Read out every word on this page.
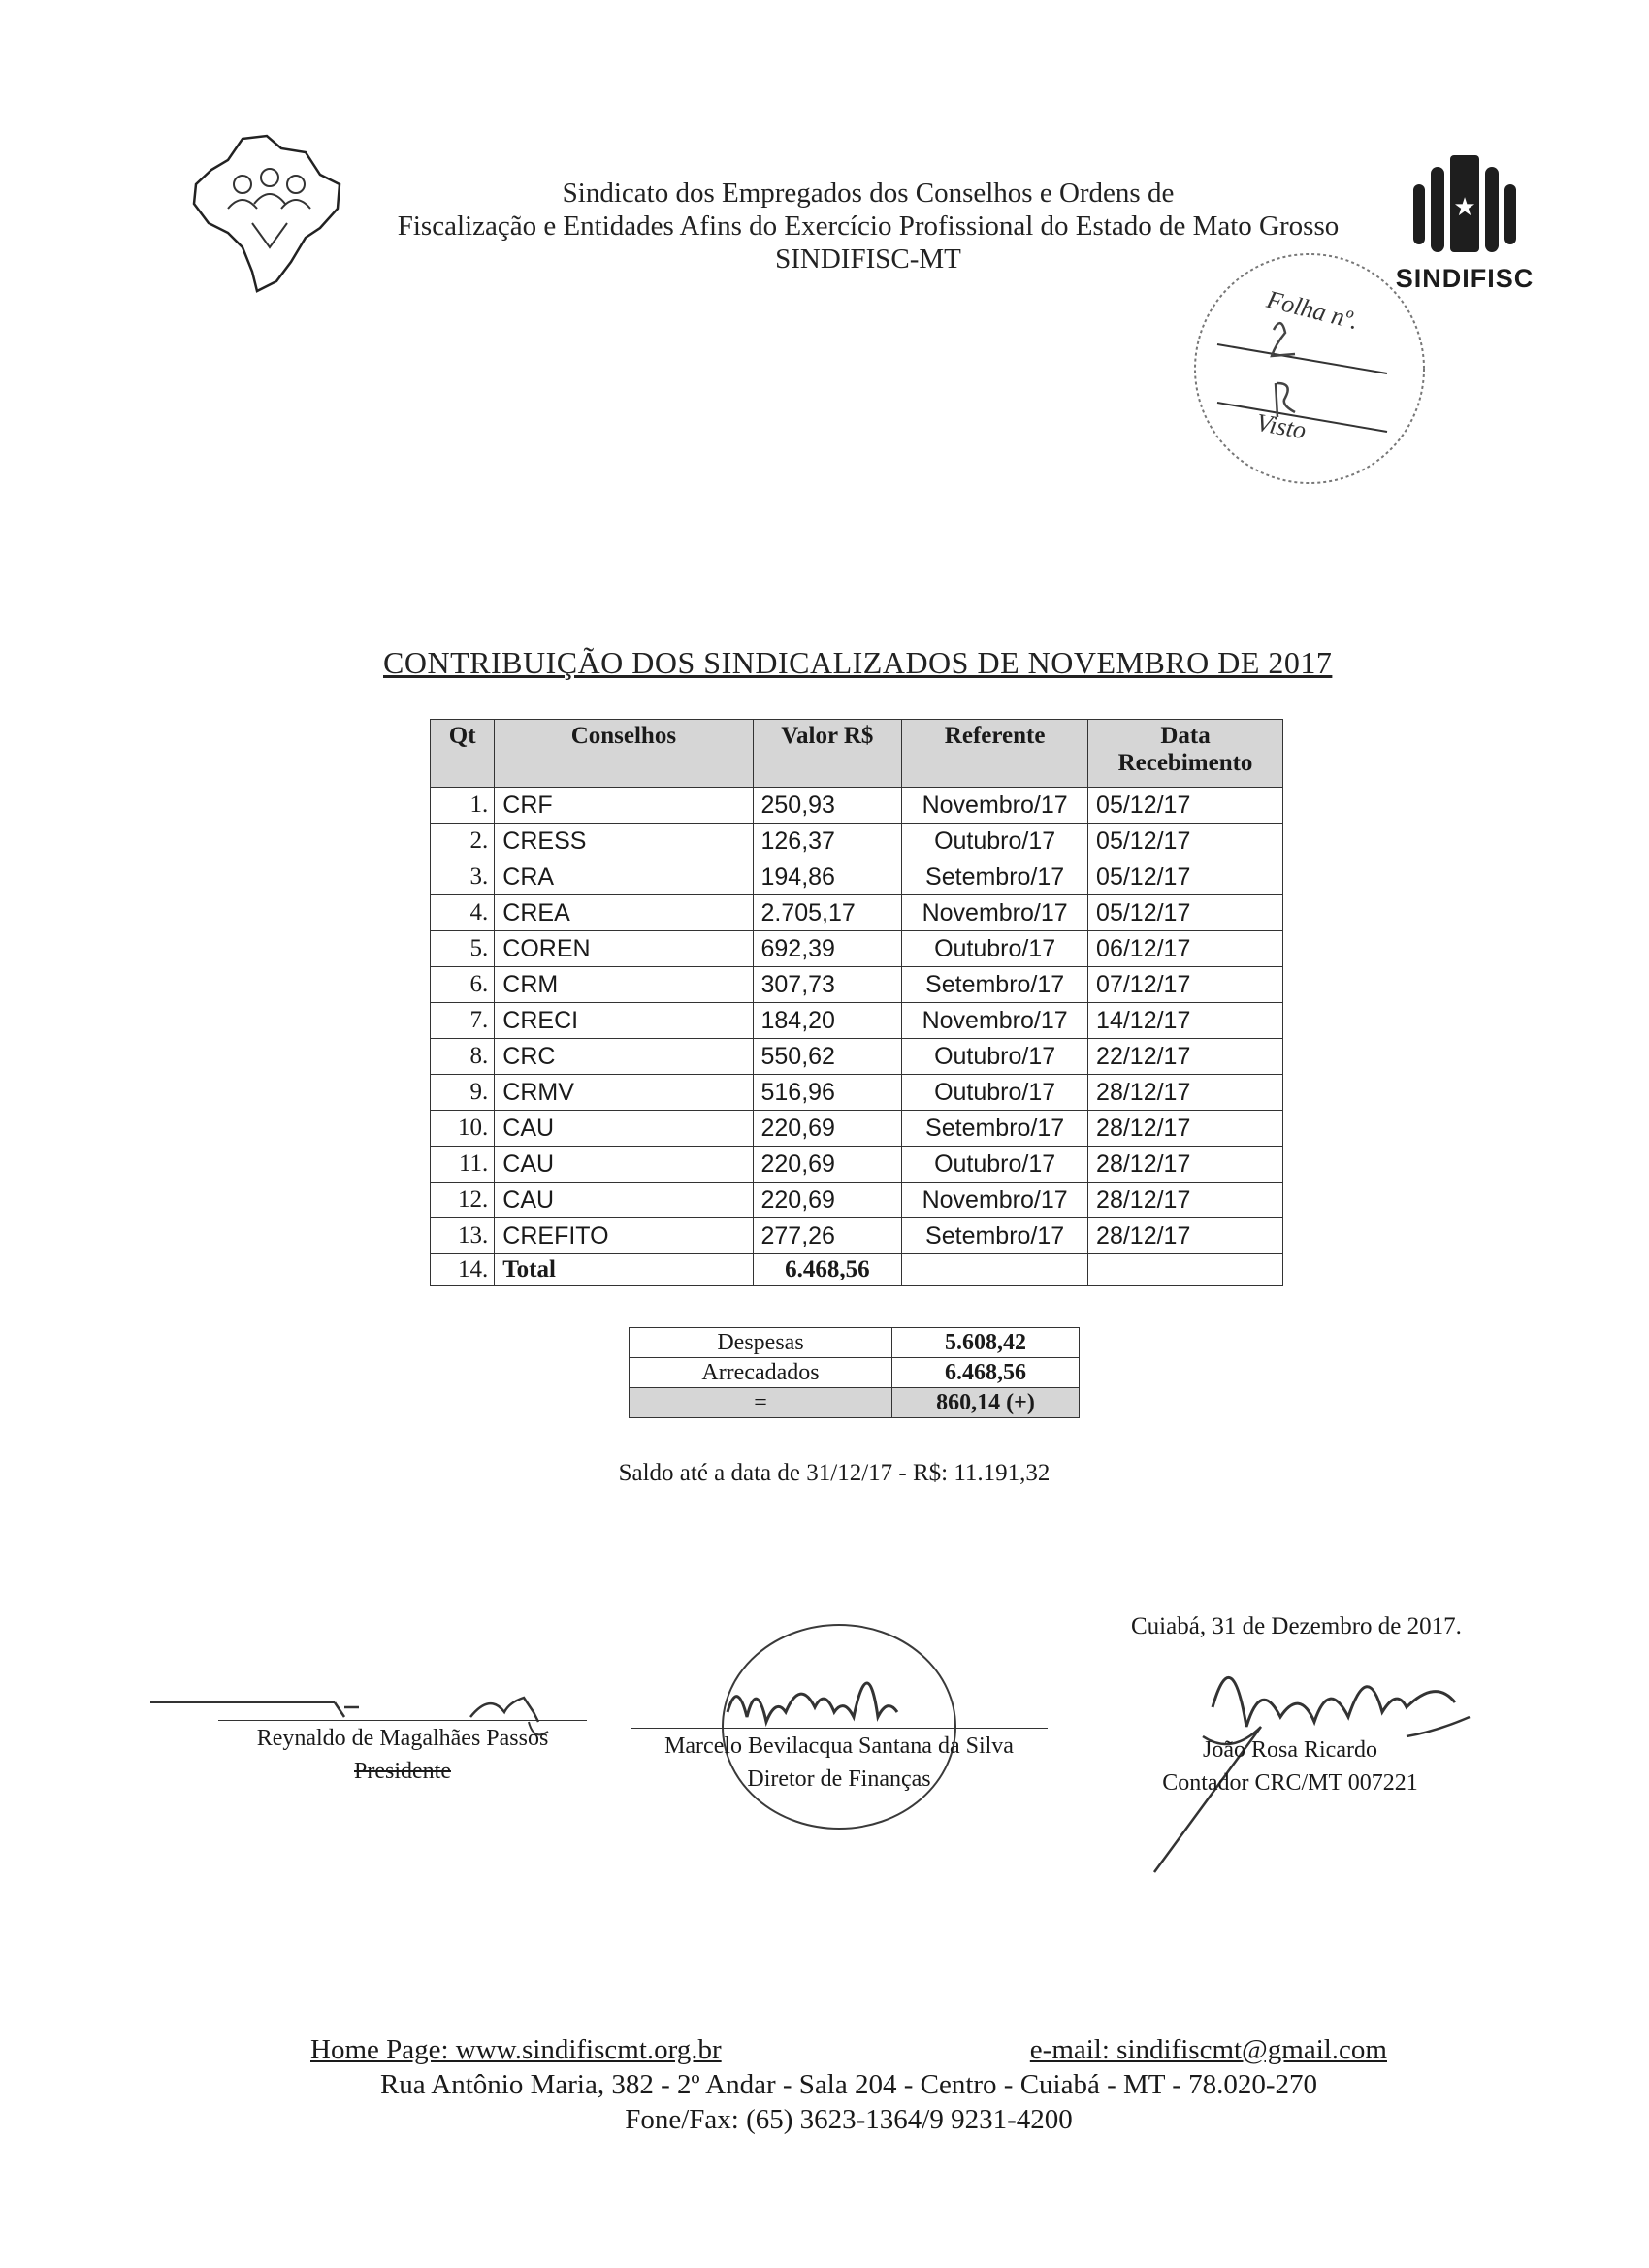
Sindicato dos Empregados dos Conselhos e Ordens de
Fiscalização e Entidades Afins do Exercício Profissional do Estado de Mato Grosso
SINDIFISC-MT
★
SINDIFISC
Folha nº.
Visto
CONTRIBUIÇÃO DOS SINDICALIZADOS DE NOVEMBRO DE 2017
Qt	Conselhos	Valor R$	Referente	Data
Recebimento

1.	CRF	250,93	Novembro/17	05/12/17
2.	CRESS	126,37	Outubro/17	05/12/17
3.	CRA	194,86	Setembro/17	05/12/17
4.	CREA	2.705,17	Novembro/17	05/12/17
5.	COREN	692,39	Outubro/17	06/12/17
6.	CRM	307,73	Setembro/17	07/12/17
7.	CRECI	184,20	Novembro/17	14/12/17
8.	CRC	550,62	Outubro/17	22/12/17
9.	CRMV	516,96	Outubro/17	28/12/17
10.	CAU	220,69	Setembro/17	28/12/17
11.	CAU	220,69	Outubro/17	28/12/17
12.	CAU	220,69	Novembro/17	28/12/17
13.	CREFITO	277,26	Setembro/17	28/12/17
14.	Total	6.468,56		
Despesas	5.608,42
Arrecadados	6.468,56
=	860,14 (+)
Saldo até a data de 31/12/17 - R$: 11.191,32
Cuiabá, 31 de Dezembro de 2017.
Reynaldo de Magalhães Passos
Presidente
Marcelo Bevilacqua Santana da Silva
Diretor de Finanças
João Rosa Ricardo
Contador CRC/MT 007221
Home Page: www.sindifiscmt.org.br	e-mail: sindifiscmt@gmail.com
Rua Antônio Maria, 382 - 2º Andar - Sala 204 - Centro - Cuiabá - MT - 78.020-270
Fone/Fax: (65) 3623-1364/9 9231-4200
